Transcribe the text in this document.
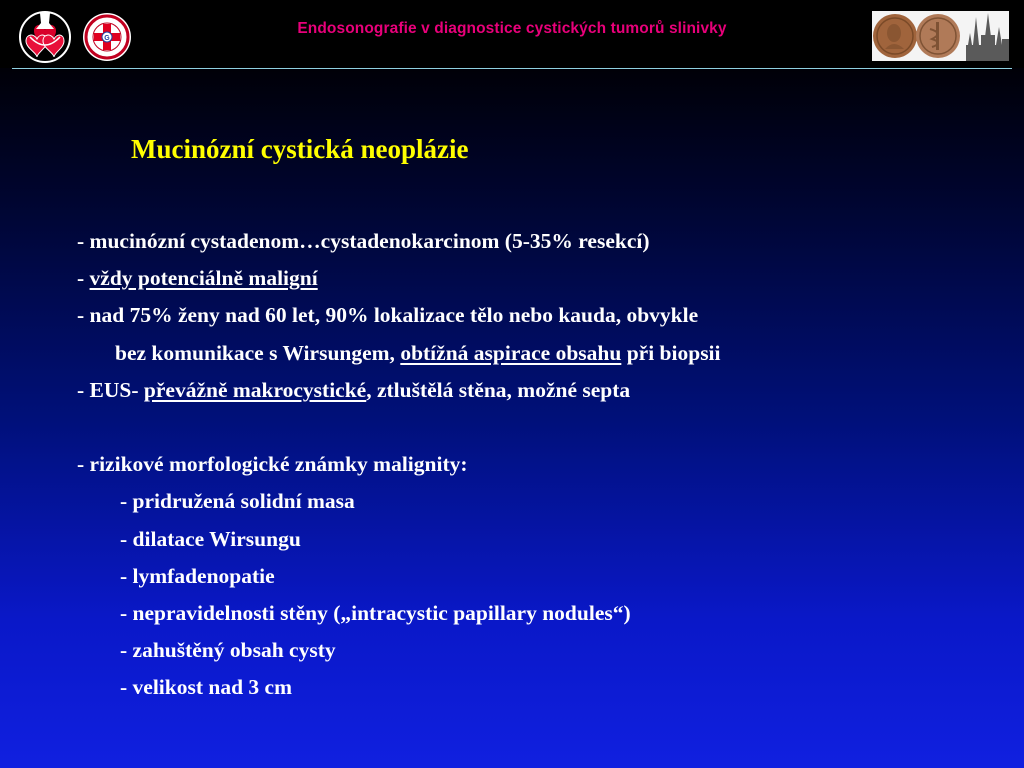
G
Endosonografie v diagnostice cystických tumorů slinivky
Mucinózní cystická neoplázie
- mucinózní cystadenom…cystadenokarcinom (5-35% resekcí)
- vždy potenciálně maligní
- nad 75% ženy nad 60 let, 90% lokalizace tělo nebo kauda, obvykle
bez komunikace s Wirsungem, obtížná aspirace obsahu při biopsii
- EUS- převážně makrocystické, ztluštělá stěna, možné septa
- rizikové morfologické známky malignity:
- pridružená solidní masa
- dilatace Wirsungu
- lymfadenopatie
- nepravidelnosti stěny („intracystic papillary nodules“)
- zahuštěný obsah cysty
- velikost nad 3 cm
